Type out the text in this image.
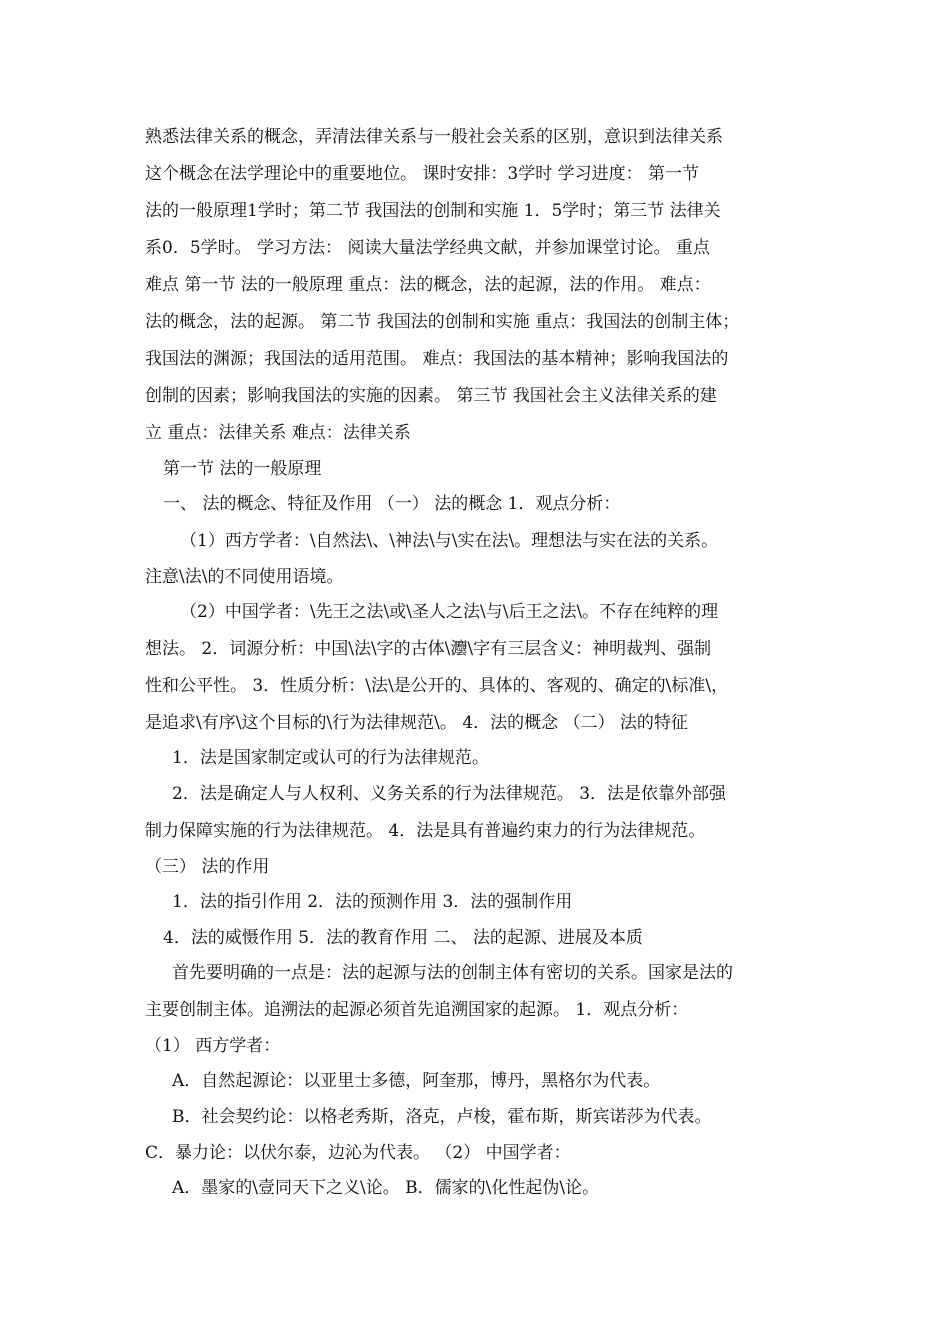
熟悉法律关系的概念，弄清法律关系与一般社会关系的区别，意识到法律关系
这个概念在法学理论中的重要地位。 课时安排：3学时 学习进度： 第一节
法的一般原理1学时；第二节 我国法的创制和实施 1．5学时；第三节 法律关
系0．5学时。 学习方法： 阅读大量法学经典文献，并参加课堂讨论。 重点
难点 第一节 法的一般原理 重点：法的概念，法的起源，法的作用。 难点：
法的概念，法的起源。 第二节 我国法的创制和实施 重点：我国法的创制主体；
我国法的渊源；我国法的适用范围。 难点：我国法的基本精神；影响我国法的
创制的因素；影响我国法的实施的因素。 第三节 我国社会主义法律关系的建
立 重点：法律关系 难点：法律关系
第一节 法的一般原理
一、 法的概念、特征及作用 （一） 法的概念 1．观点分析：
（1）西方学者：\自然法\、\神法\与\实在法\。理想法与实在法的关系。
注意\法\的不同使用语境。
（2）中国学者：\先王之法\或\圣人之法\与\后王之法\。不存在纯粹的理
想法。 2．词源分析：中国\法\字的古体\灋\字有三层含义：神明裁判、强制
性和公平性。 3．性质分析：\法\是公开的、具体的、客观的、确定的\标准\，
是追求\有序\这个目标的\行为法律规范\。 4．法的概念 （二） 法的特征
1．法是国家制定或认可的行为法律规范。
2．法是确定人与人权利、义务关系的行为法律规范。 3．法是依靠外部强
制力保障实施的行为法律规范。 4．法是具有普遍约束力的行为法律规范。
（三） 法的作用
1．法的指引作用 2．法的预测作用 3．法的强制作用
4．法的威慑作用 5．法的教育作用 二、 法的起源、进展及本质
首先要明确的一点是：法的起源与法的创制主体有密切的关系。国家是法的
主要创制主体。追溯法的起源必须首先追溯国家的起源。 1．观点分析：
（1） 西方学者：
A．自然起源论：以亚里士多德，阿奎那，博丹，黑格尔为代表。
B．社会契约论：以格老秀斯，洛克，卢梭，霍布斯，斯宾诺莎为代表。
C．暴力论：以伏尔泰，边沁为代表。 （2） 中国学者：
A．墨家的\壹同天下之义\论。 B．儒家的\化性起伪\论。
